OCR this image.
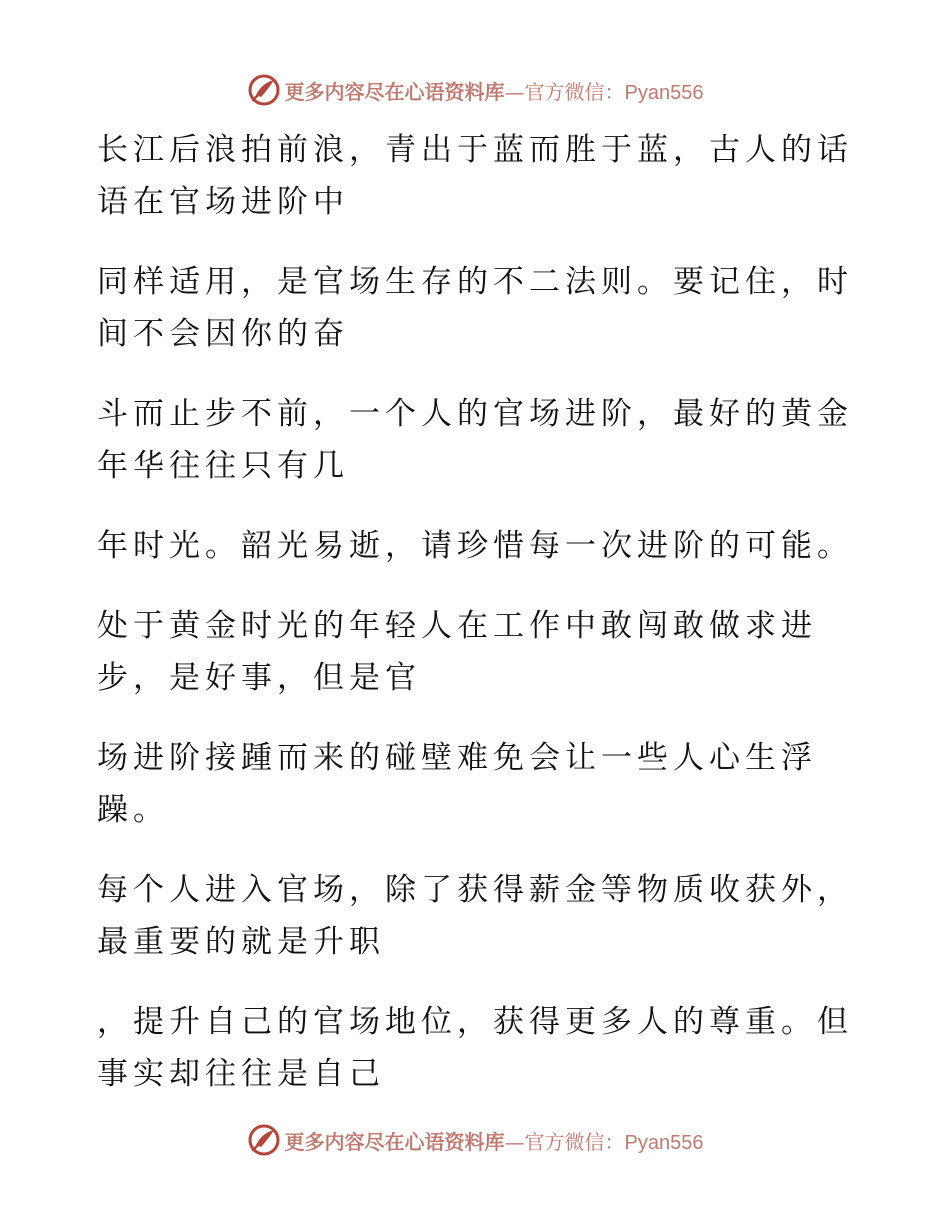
更多内容尽在心语资料库—官方微信：Pyan556
长江后浪拍前浪，青出于蓝而胜于蓝，古人的话
语在官场进阶中
同样适用，是官场生存的不二法则。要记住，时
间不会因你的奋
斗而止步不前，一个人的官场进阶，最好的黄金
年华往往只有几
年时光。韶光易逝，请珍惜每一次进阶的可能。
处于黄金时光的年轻人在工作中敢闯敢做求进
步，是好事，但是官
场进阶接踵而来的碰壁难免会让一些人心生浮
躁。
每个人进入官场，除了获得薪金等物质收获外，
最重要的就是升职
，提升自己的官场地位，获得更多人的尊重。但
事实却往往是自己
更多内容尽在心语资料库—官方微信：Pyan556
